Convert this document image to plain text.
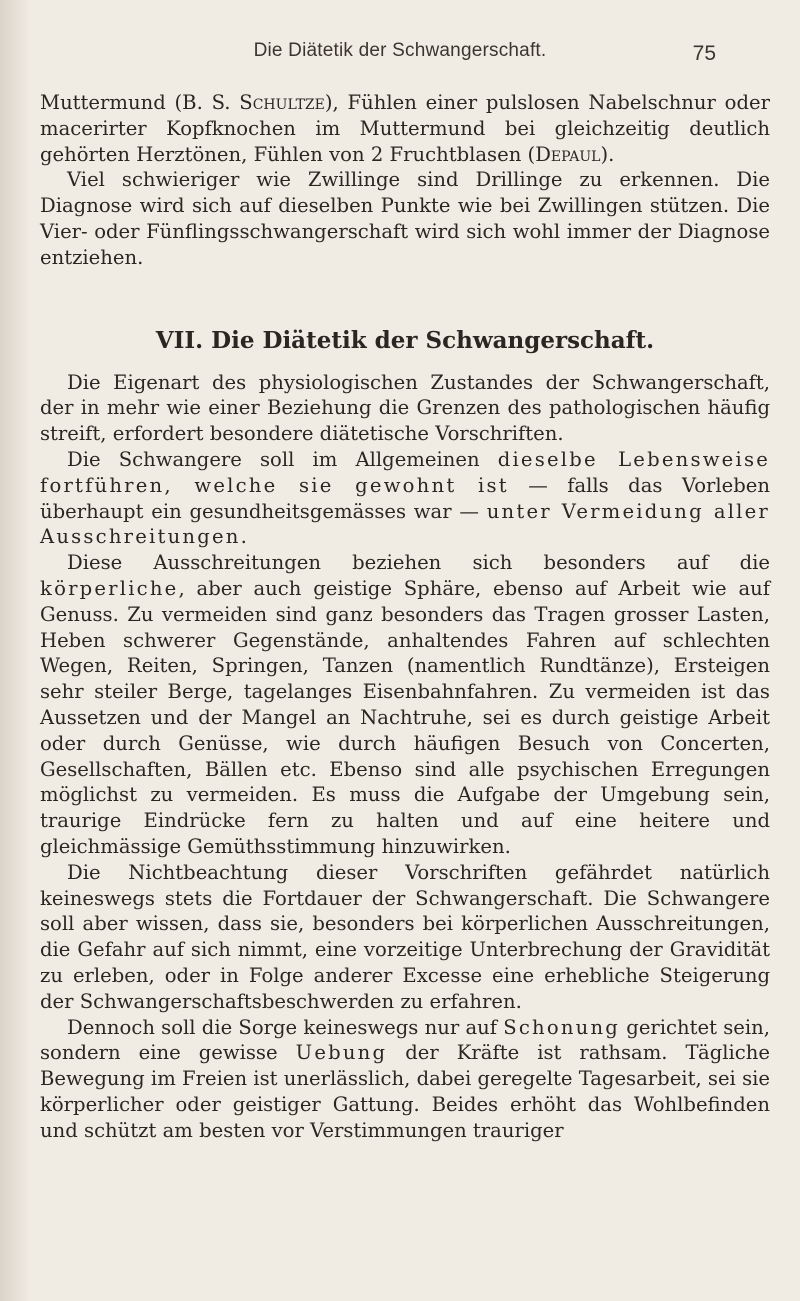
Die Diätetik der Schwangerschaft.	75

Muttermund (B. S. Schultze), Fühlen einer pulslosen Nabelschnur oder macerirter Kopfknochen im Muttermund bei gleichzeitig deutlich gehörten Herztönen, Fühlen von 2 Fruchtblasen (Depaul).

Viel schwieriger wie Zwillinge sind Drillinge zu erkennen. Die Diagnose wird sich auf dieselben Punkte wie bei Zwillingen stützen. Die Vier- oder Fünflingsschwangerschaft wird sich wohl immer der Diagnose entziehen.

VII. Die Diätetik der Schwangerschaft.

Die Eigenart des physiologischen Zustandes der Schwangerschaft, der in mehr wie einer Beziehung die Grenzen des pathologischen häufig streift, erfordert besondere diätetische Vorschriften.

Die Schwangere soll im Allgemeinen dieselbe Lebensweise fortführen, welche sie gewohnt ist — falls das Vorleben überhaupt ein gesundheitsgemässes war — unter Vermeidung aller Ausschreitungen.

Diese Ausschreitungen beziehen sich besonders auf die körperliche, aber auch geistige Sphäre, ebenso auf Arbeit wie auf Genuss. Zu vermeiden sind ganz besonders das Tragen grosser Lasten, Heben schwerer Gegenstände, anhaltendes Fahren auf schlechten Wegen, Reiten, Springen, Tanzen (namentlich Rundtänze), Ersteigen sehr steiler Berge, tagelanges Eisenbahnfahren. Zu vermeiden ist das Aussetzen und der Mangel an Nachtruhe, sei es durch geistige Arbeit oder durch Genüsse, wie durch häufigen Besuch von Concerten, Gesellschaften, Bällen etc. Ebenso sind alle psychischen Erregungen möglichst zu vermeiden. Es muss die Aufgabe der Umgebung sein, traurige Eindrücke fern zu halten und auf eine heitere und gleichmässige Gemüthsstimmung hinzuwirken.

Die Nichtbeachtung dieser Vorschriften gefährdet natürlich keineswegs stets die Fortdauer der Schwangerschaft. Die Schwangere soll aber wissen, dass sie, besonders bei körperlichen Ausschreitungen, die Gefahr auf sich nimmt, eine vorzeitige Unterbrechung der Gravidität zu erleben, oder in Folge anderer Excesse eine erhebliche Steigerung der Schwangerschaftsbeschwerden zu erfahren.

Dennoch soll die Sorge keineswegs nur auf Schonung gerichtet sein, sondern eine gewisse Uebung der Kräfte ist rathsam. Tägliche Bewegung im Freien ist unerlässlich, dabei geregelte Tagesarbeit, sei sie körperlicher oder geistiger Gattung. Beides erhöht das Wohlbefinden und schützt am besten vor Verstimmungen trauriger
